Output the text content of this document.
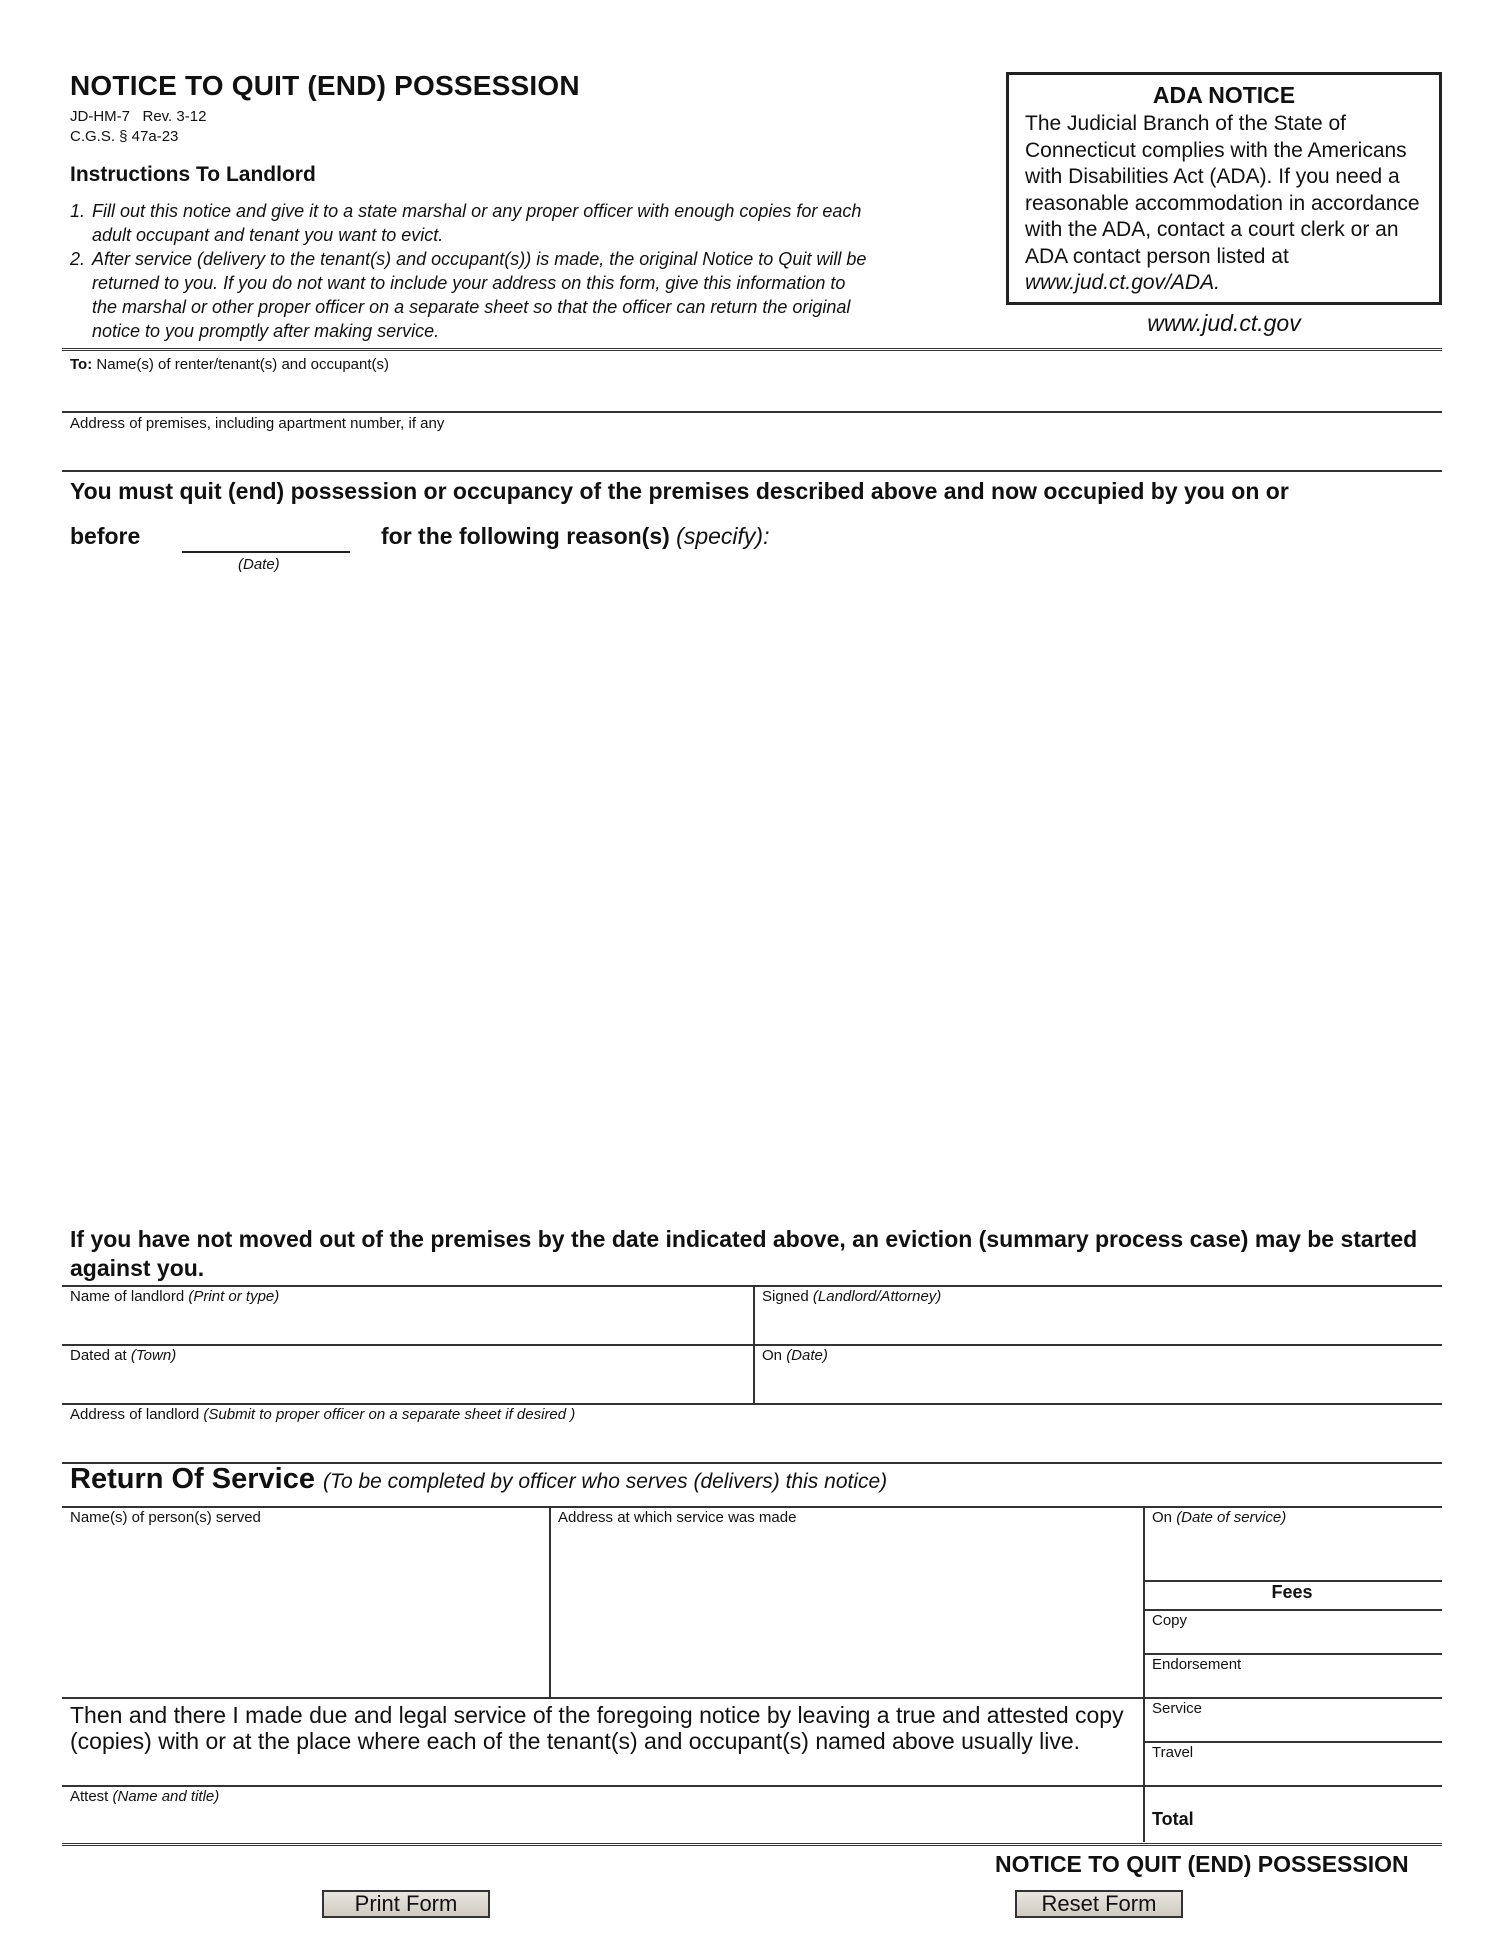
NOTICE TO QUIT (END) POSSESSION
JD-HM-7   Rev. 3-12
C.G.S. § 47a-23
Instructions To Landlord
1. Fill out this notice and give it to a state marshal or any proper officer with enough copies for each adult occupant and tenant you want to evict.
2. After service (delivery to the tenant(s) and occupant(s)) is made, the original Notice to Quit will be returned to you. If you do not want to include your address on this form, give this information to the marshal or other proper officer on a separate sheet so that the officer can return the original notice to you promptly after making service.
ADA NOTICE
The Judicial Branch of the State of Connecticut complies with the Americans with Disabilities Act (ADA). If you need a reasonable accommodation in accordance with the ADA, contact a court clerk or an ADA contact person listed at www.jud.ct.gov/ADA.
www.jud.ct.gov
To: Name(s) of renter/tenant(s) and occupant(s)
Address of premises, including apartment number, if any
You must quit (end) possession or occupancy of the premises described above and now occupied by you on or
before
(Date)
for the following reason(s) (specify):
If you have not moved out of the premises by the date indicated above, an eviction (summary process case) may be started against you.
Name of landlord (Print or type)	Signed (Landlord/Attorney)
Dated at (Town)	On (Date)
Address of landlord (Submit to proper officer on a separate sheet if desired )
Return Of Service (To be completed by officer who serves (delivers) this notice)
Name(s) of person(s) served	Address at which service was made	On (Date of service)
Fees
Copy
Endorsement
Service
Travel
Total
Then and there I made due and legal service of the foregoing notice by leaving a true and attested copy (copies) with or at the place where each of the tenant(s) and occupant(s) named above usually live.
Attest (Name and title)
NOTICE TO QUIT (END) POSSESSION
Print Form	Reset Form
